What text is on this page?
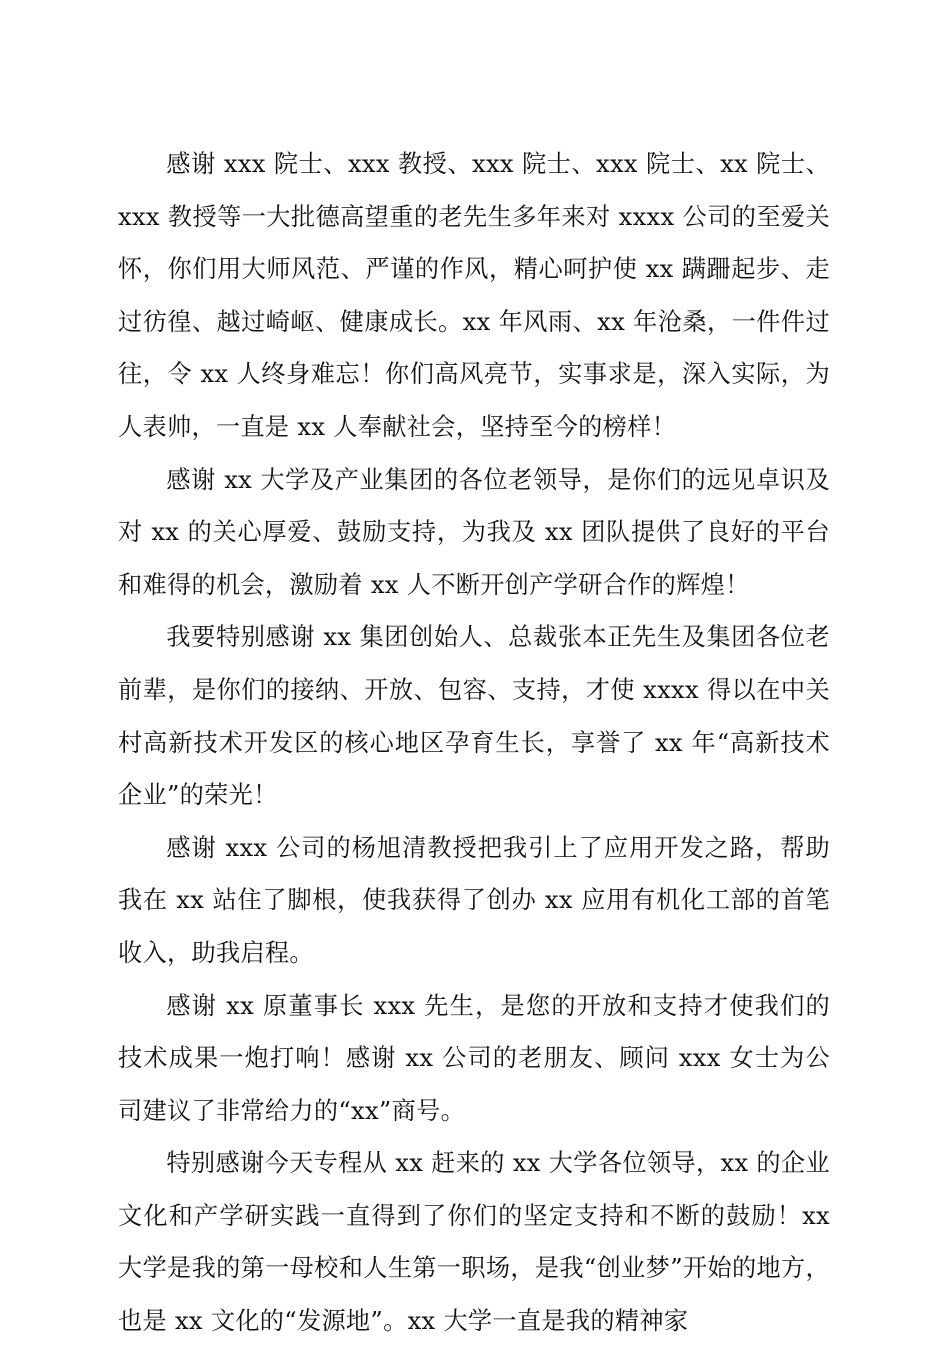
感谢 xxx 院士、xxx 教授、xxx 院士、xxx 院士、xx 院士、xxx 教授等一大批德高望重的老先生多年来对 xxxx 公司的至爱关怀，你们用大师风范、严谨的作风，精心呵护使 xx 蹒跚起步、走过彷徨、越过崎岖、健康成长。xx 年风雨、xx 年沧桑，一件件过往，令 xx 人终身难忘！你们高风亮节，实事求是，深入实际，为人表帅，一直是 xx 人奉献社会，坚持至今的榜样！

感谢 xx 大学及产业集团的各位老领导，是你们的远见卓识及对 xx 的关心厚爱、鼓励支持，为我及 xx 团队提供了良好的平台和难得的机会，激励着 xx 人不断开创产学研合作的辉煌！

我要特别感谢 xx 集团创始人、总裁张本正先生及集团各位老前辈，是你们的接纳、开放、包容、支持，才使 xxxx 得以在中关村高新技术开发区的核心地区孕育生长，享誉了 xx 年“高新技术企业”的荣光！

感谢 xxx 公司的杨旭清教授把我引上了应用开发之路，帮助我在 xx 站住了脚根，使我获得了创办 xx 应用有机化工部的首笔收入，助我启程。

感谢 xx 原董事长 xxx 先生，是您的开放和支持才使我们的技术成果一炮打响！感谢 xx 公司的老朋友、顾问 xxx 女士为公司建议了非常给力的“xx”商号。

特别感谢今天专程从 xx 赶来的 xx 大学各位领导，xx 的企业文化和产学研实践一直得到了你们的坚定支持和不断的鼓励！xx 大学是我的第一母校和人生第一职场，是我“创业梦”开始的地方，也是 xx 文化的“发源地”。xx 大学一直是我的精神家
